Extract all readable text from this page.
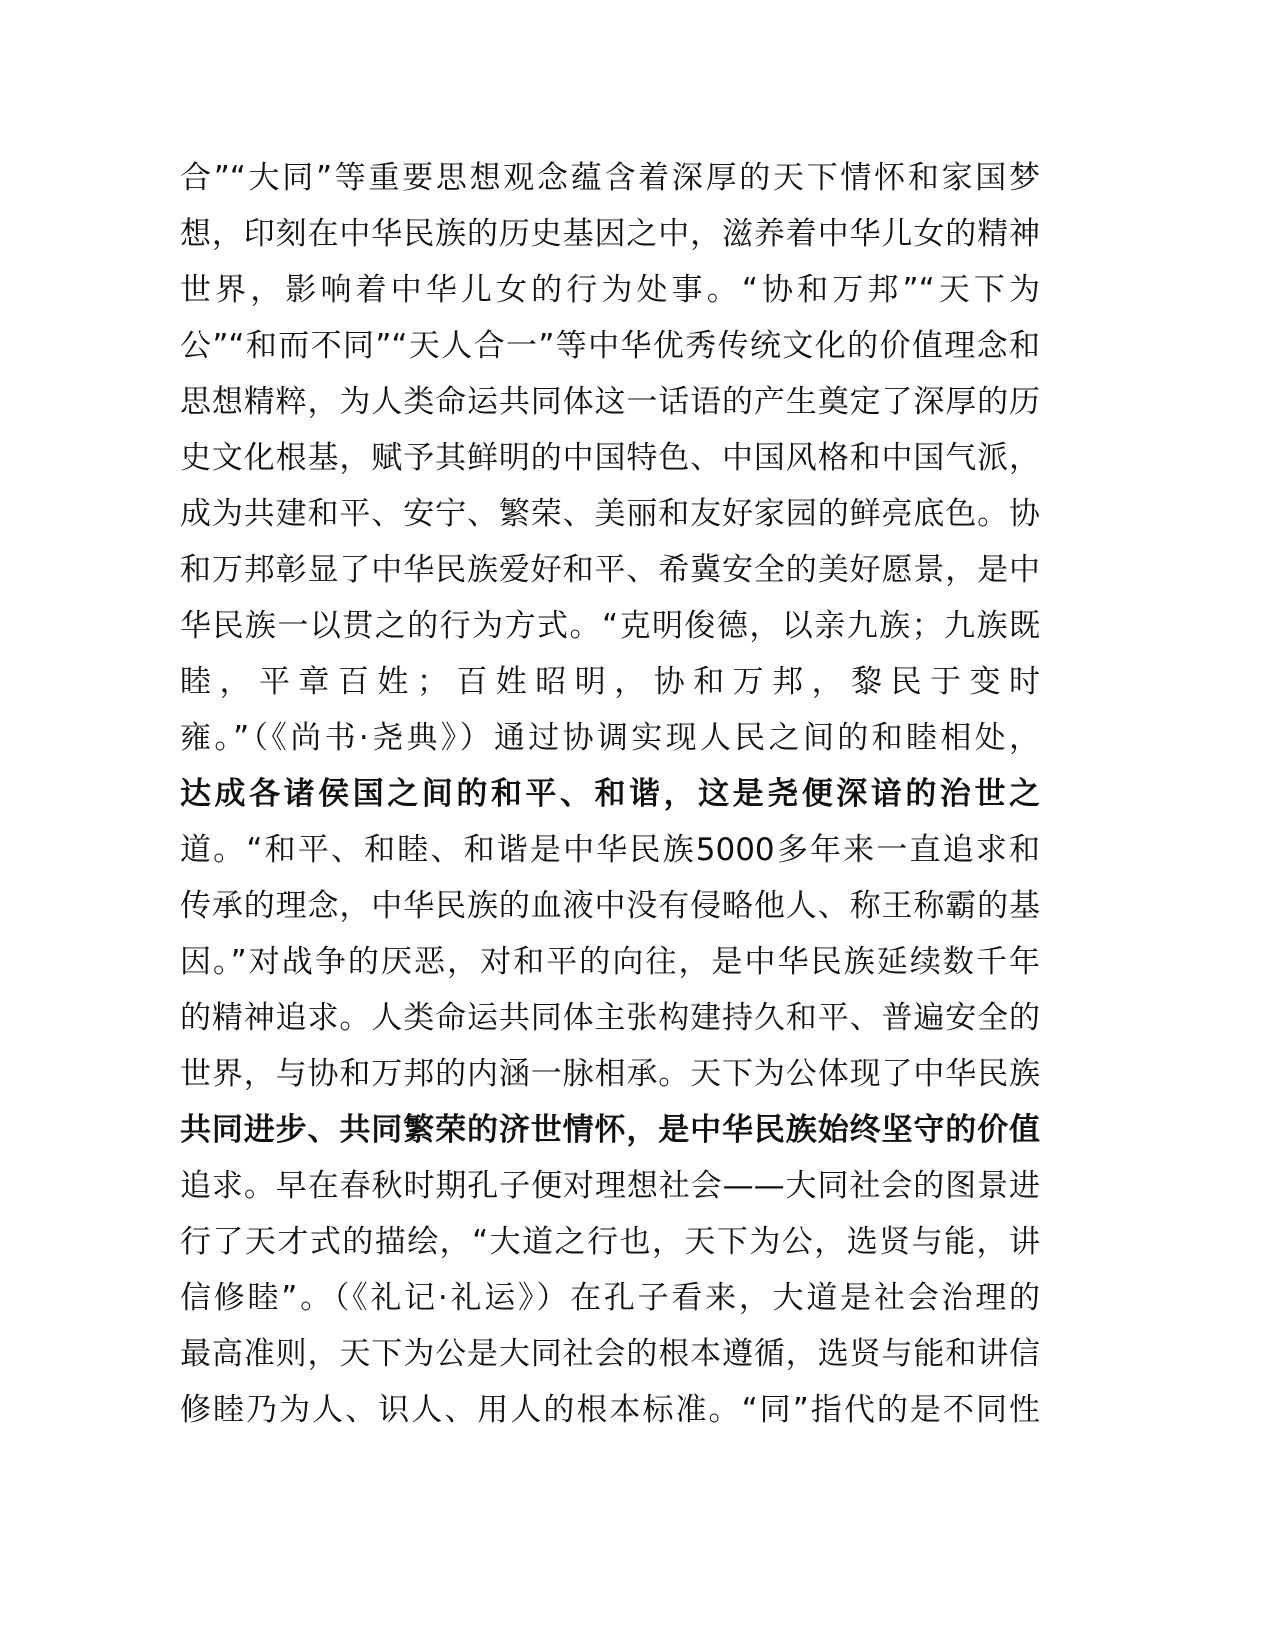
合”“大同”等重要思想观念蕴含着深厚的天下情怀和家国梦
想，印刻在中华民族的历史基因之中，滋养着中华儿女的精神
世界，影响着中华儿女的行为处事。“协和万邦”“天下为
公”“和而不同”“天人合一”等中华优秀传统文化的价值理念和
思想精粹，为人类命运共同体这一话语的产生奠定了深厚的历
史文化根基，赋予其鲜明的中国特色、中国风格和中国气派，
成为共建和平、安宁、繁荣、美丽和友好家园的鲜亮底色。协
和万邦彰显了中华民族爱好和平、希冀安全的美好愿景，是中
华民族一以贯之的行为方式。“克明俊德，以亲九族；九族既
睦，平章百姓；百姓昭明，协和万邦，黎民于变时
雍。”（《尚书·尧典》）通过协调实现人民之间的和睦相处，
达成各诸侯国之间的和平、和谐，这是尧便深谙的治世之
道。“和平、和睦、和谐是中华民族5000多年来一直追求和
传承的理念，中华民族的血液中没有侵略他人、称王称霸的基
因。”对战争的厌恶，对和平的向往，是中华民族延续数千年
的精神追求。人类命运共同体主张构建持久和平、普遍安全的
世界，与协和万邦的内涵一脉相承。天下为公体现了中华民族
共同进步、共同繁荣的济世情怀，是中华民族始终坚守的价值
追求。早在春秋时期孔子便对理想社会——大同社会的图景进
行了天才式的描绘，“大道之行也，天下为公，选贤与能，讲
信修睦”。（《礼记·礼运》）在孔子看来，大道是社会治理的
最高准则，天下为公是大同社会的根本遵循，选贤与能和讲信
修睦乃为人、识人、用人的根本标准。“同”指代的是不同性
